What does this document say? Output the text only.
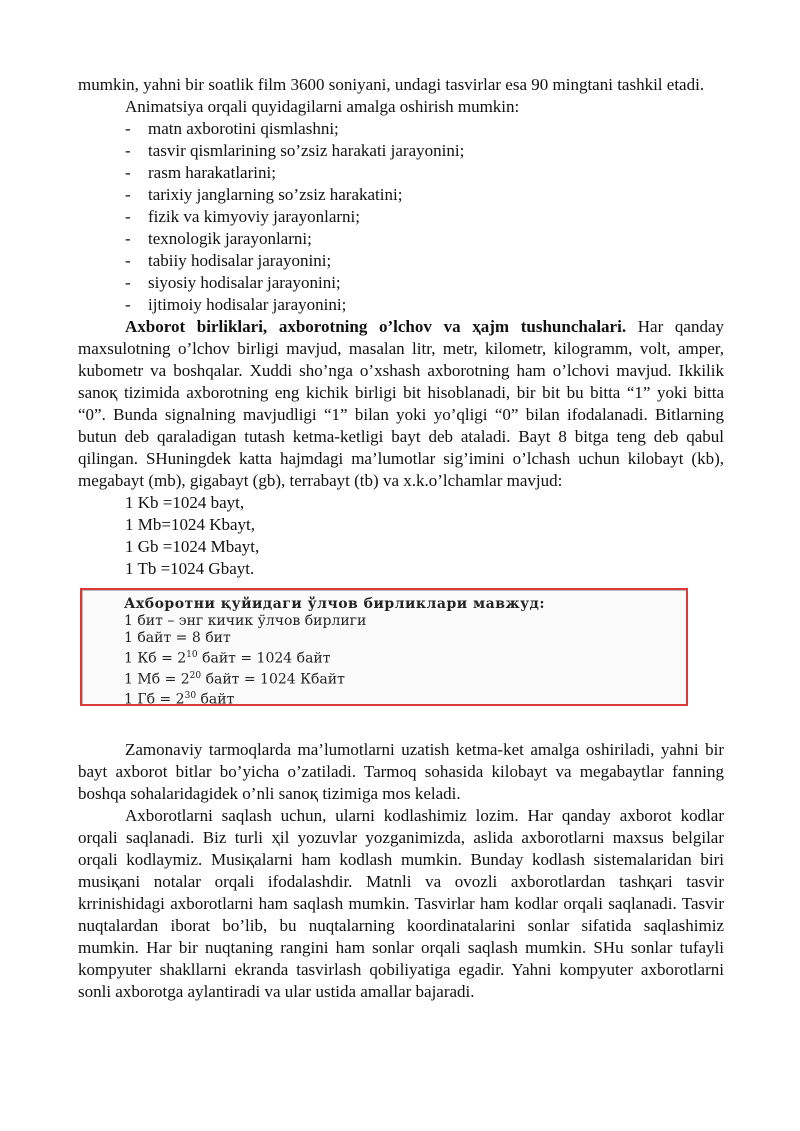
mumkin, yahni bir soatlik film 3600 soniyani, undagi tasvirlar esa 90 mingtani tashkil etadi.

Animatsiya orqali quyidagilarni amalga oshirish mumkin:

- matn axborotini qismlashni;
- tasvir qismlarining so’zsiz harakati jarayonini;
- rasm harakatlarini;
- tarixiy janglarning so’zsiz harakatini;
- fizik va kimyoviy jarayonlarni;
- texnologik jarayonlarni;
- tabiiy hodisalar jarayonini;
- siyosiy hodisalar jarayonini;
- ijtimoiy hodisalar jarayonini;

Axborot birliklari, axborotning o’lchov va ҳajm tushunchalari. Har qanday maxsulotning o’lchov birligi mavjud, masalan litr, metr, kilometr, kilogramm, volt, amper, kubometr va boshqalar. Xuddi sho’nga o’xshash axborotning ham o’lchovi mavjud. Ikkilik sanoқ tizimida axborotning eng kichik birligi bit hisoblanadi, bir bit bu bitta “1” yoki bitta “0”. Bunda signalning mavjudligi “1” bilan yoki yo’qligi “0” bilan ifodalanadi. Bitlarning butun deb qaraladigan tutash ketma-ketligi bayt deb ataladi. Bayt 8 bitga teng deb qabul qilingan. SHuningdek katta hajmdagi ma’lumotlar sig’imini o’lchash uchun kilobayt (kb), megabayt (mb), gigabayt (gb), terrabayt (tb) va x.k.o’lchamlar mavjud:

1 Kb =1024 bayt,
1 Mb=1024 Kbayt,
1 Gb =1024 Mbayt,
1 Tb =1024 Gbayt.
Ахборотни қуйидаги ўлчов бирликлари мавжуд:
1 бит – энг кичик ўлчов бирлиги
1 байт = 8 бит
1 Кб = $2^{10}$ байт = 1024 байт
1 Мб = $2^{20}$ байт = 1024 Кбайт
1 Гб = $2^{30}$ байт

Zamonaviy tarmoqlarda ma’lumotlarni uzatish ketma-ket amalga oshiriladi, yahni bir bayt axborot bitlar bo’yicha o’zatiladi. Tarmoq sohasida kilobayt va megabaytlar fanning boshqa sohalaridagidek o’nli sanoқ tizimiga mos keladi.

Axborotlarni saqlash uchun, ularni kodlashimiz lozim. Har qanday axborot kodlar orqali saqlanadi. Biz turli ҳil yozuvlar yozganimizda, aslida axborotlarni maxsus belgilar orqali kodlaymiz. Musiқalarni ham kodlash mumkin. Bunday kodlash sistemalaridan biri musiқani notalar orqali ifodalashdir. Matnli va ovozli axborotlardan tashқari tasvir krrinishidagi axborotlarni ham saqlash mumkin. Tasvirlar ham kodlar orqali saqlanadi. Tasvir nuqtalardan iborat bo’lib, bu nuqtalarning koordinatalarini sonlar sifatida saqlashimiz mumkin. Har bir nuqtaning rangini ham sonlar orqali saqlash mumkin. SHu sonlar tufayli kompyuter shakllarni ekranda tasvirlash qobiliyatiga egadir. Yahni kompyuter axborotlarni sonli axborotga aylantiradi va ular ustida amallar bajaradi.
